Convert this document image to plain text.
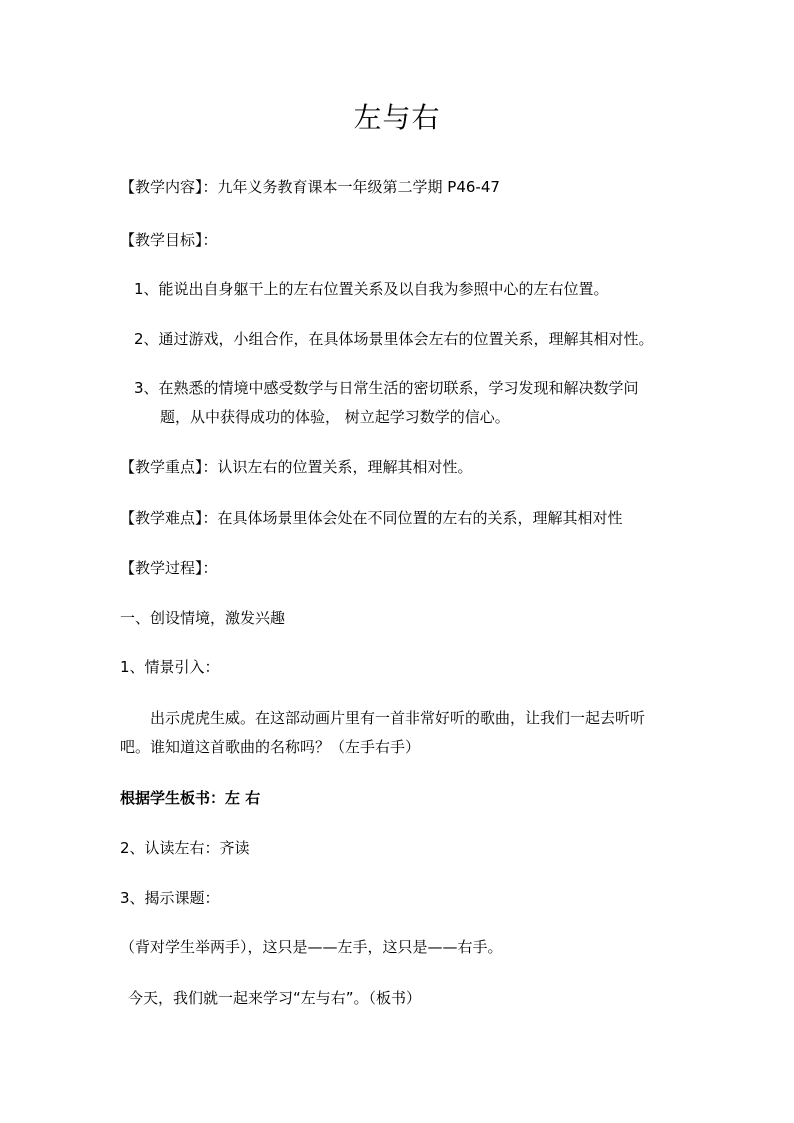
左与右
【教学内容】：九年义务教育课本一年级第二学期 P46-47
【教学目标】：
1、能说出自身躯干上的左右位置关系及以自我为参照中心的左右位置。
2、通过游戏，小组合作，在具体场景里体会左右的位置关系，理解其相对性。
3、在熟悉的情境中感受数学与日常生活的密切联系，学习发现和解决数学问
题，从中获得成功的体验， 树立起学习数学的信心。
【教学重点】：认识左右的位置关系，理解其相对性。
【教学难点】：在具体场景里体会处在不同位置的左右的关系，理解其相对性
【教学过程】：
一、创设情境，激发兴趣
1、情景引入：
出示虎虎生威。在这部动画片里有一首非常好听的歌曲，让我们一起去听听
吧。谁知道这首歌曲的名称吗？（左手右手）
根据学生板书：左 右
2、认读左右：齐读
3、揭示课题：
（背对学生举两手），这只是——左手，这只是——右手。
今天，我们就一起来学习“左与右”。（板书）
